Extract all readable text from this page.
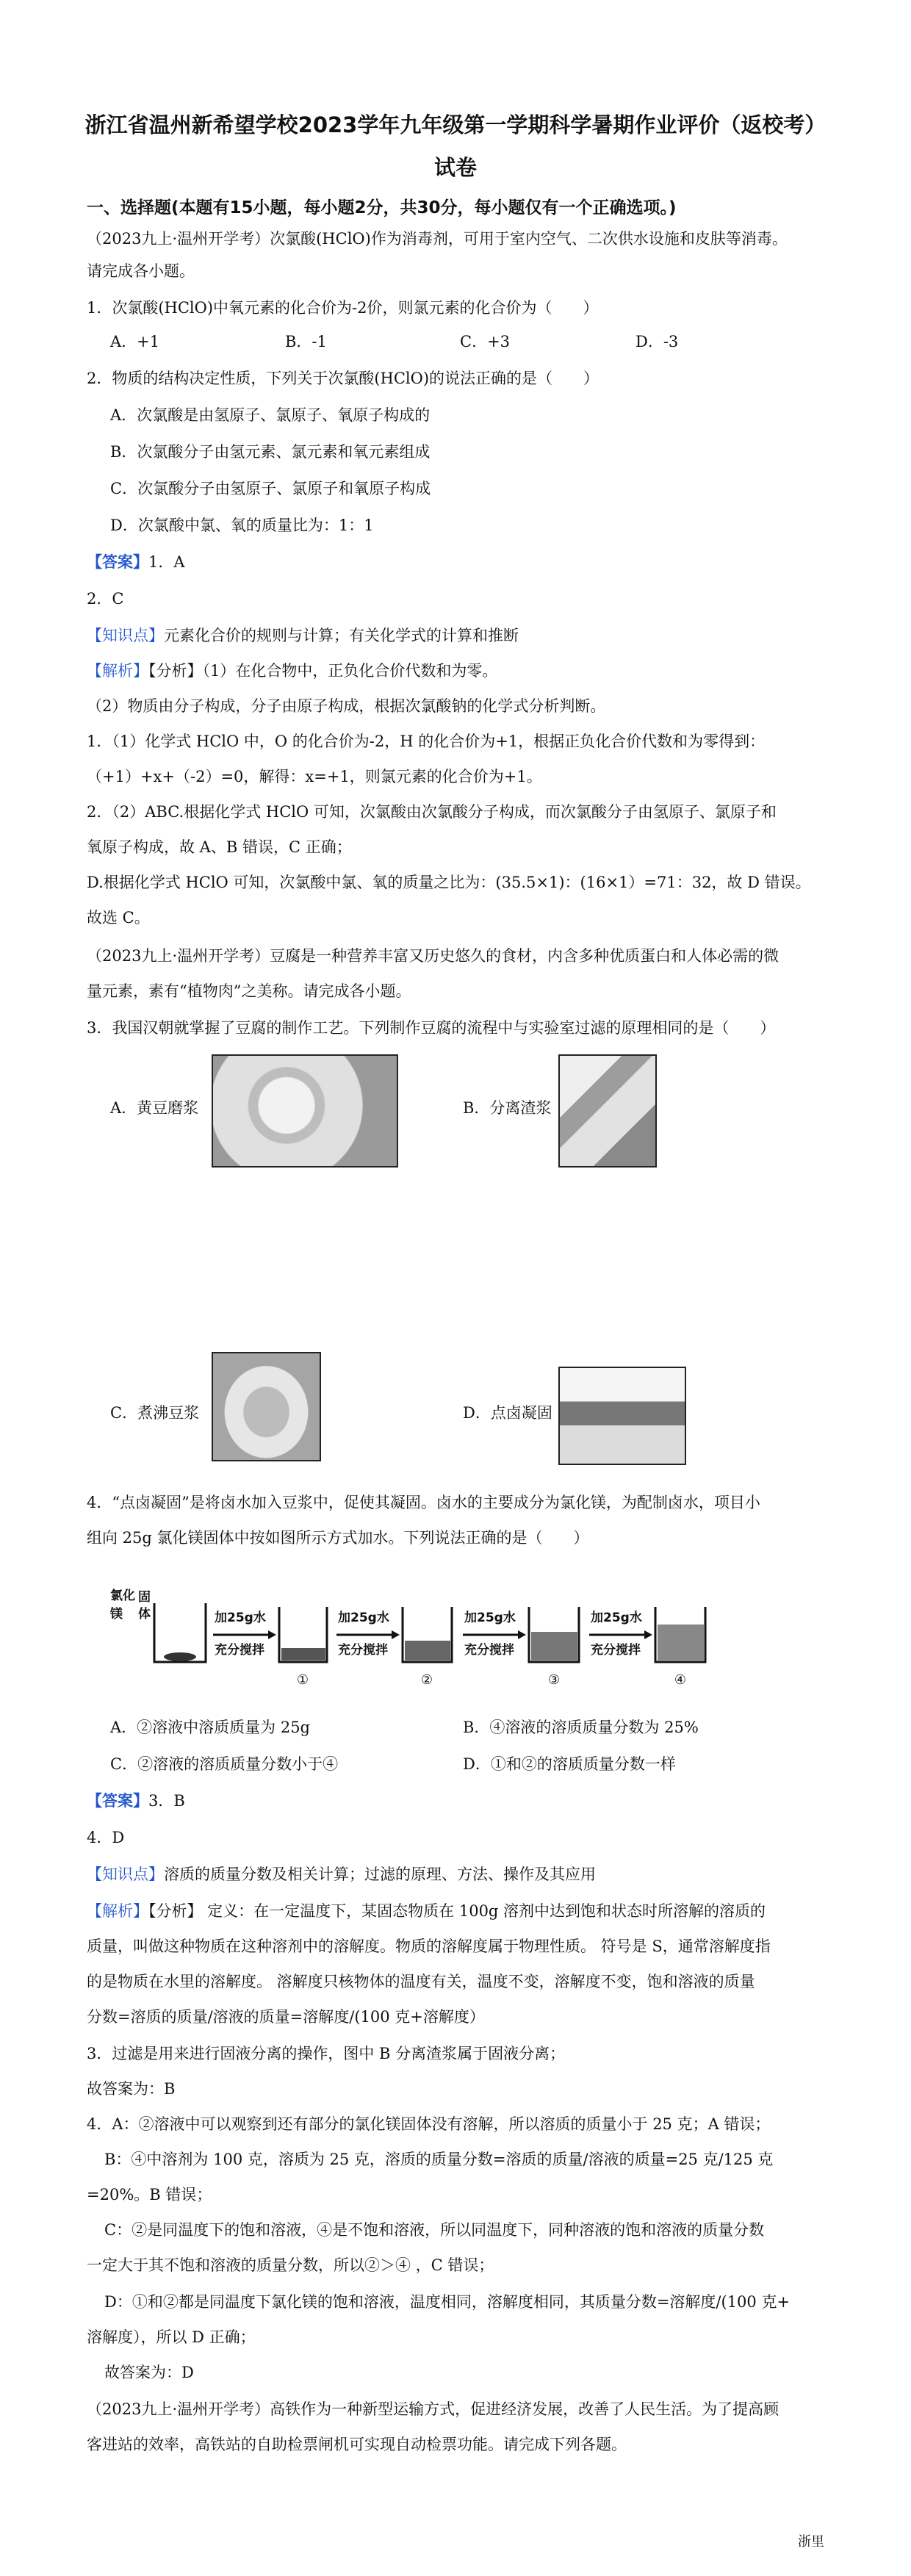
浙江省温州新希望学校2023学年九年级第一学期科学暑期作业评价（返校考）
试卷
一、选择题(本题有15小题，每小题2分，共30分，每小题仅有一个正确选项。)
（2023九上·温州开学考）次氯酸(HClO)作为消毒剂，可用于室内空气、二次供水设施和皮肤等消毒。
请完成各小题。
1．次氯酸(HClO)中氧元素的化合价为-2价，则氯元素的化合价为（　　）
A．+1	B．-1	C．+3	D．-3
2．物质的结构决定性质，下列关于次氯酸(HClO)的说法正确的是（　　）
A．次氯酸是由氢原子、氯原子、氧原子构成的
B．次氯酸分子由氢元素、氯元素和氧元素组成
C．次氯酸分子由氢原子、氯原子和氧原子构成
D．次氯酸中氯、氧的质量比为：1：1
【答案】1．A
2．C
【知识点】元素化合价的规则与计算；有关化学式的计算和推断
【解析】【分析】（1）在化合物中，正负化合价代数和为零。
（2）物质由分子构成，分子由原子构成，根据次氯酸钠的化学式分析判断。
1．（1）化学式 HClO 中，O 的化合价为-2，H 的化合价为+1，根据正负化合价代数和为零得到：
（+1）+x+（-2）=0，解得：x=+1，则氯元素的化合价为+1。
2．（2）ABC.根据化学式 HClO 可知，次氯酸由次氯酸分子构成，而次氯酸分子由氢原子、氯原子和
氧原子构成，故 A、B 错误，C 正确；
D.根据化学式 HClO 可知，次氯酸中氯、氧的质量之比为：(35.5×1)：(16×1）=71：32，故 D 错误。
故选 C。
（2023九上·温州开学考）豆腐是一种营养丰富又历史悠久的食材，内含多种优质蛋白和人体必需的微
量元素，素有“植物肉”之美称。请完成各小题。
3．我国汉朝就掌握了豆腐的制作工艺。下列制作豆腐的流程中与实验室过滤的原理相同的是（　　）
A．黄豆磨浆	B．分离渣浆
C．煮沸豆浆	D．点卤凝固
4．“点卤凝固”是将卤水加入豆浆中，促使其凝固。卤水的主要成分为氯化镁，为配制卤水，项目小
组向 25g 氯化镁固体中按如图所示方式加水。下列说法正确的是（　　）
氯化
镁
固
体	加25g水
充分搅拌
加25g水
充分搅拌
加25g水
充分搅拌
加25g水
充分搅拌
①	②	③	④
A．②溶液中溶质质量为 25g	B．④溶液的溶质质量分数为 25%
C．②溶液的溶质质量分数小于④	D．①和②的溶质质量分数一样
【答案】3．B
4．D
【知识点】溶质的质量分数及相关计算；过滤的原理、方法、操作及其应用
【解析】【分析】 定义：在一定温度下，某固态物质在 100g 溶剂中达到饱和状态时所溶解的溶质的
质量，叫做这种物质在这种溶剂中的溶解度。物质的溶解度属于物理性质。 符号是 S，通常溶解度指
的是物质在水里的溶解度。 溶解度只核物体的温度有关，温度不变，溶解度不变，饱和溶液的质量
分数=溶质的质量/溶液的质量=溶解度/(100 克+溶解度）
3．过滤是用来进行固液分离的操作，图中 B 分离渣浆属于固液分离；
故答案为：B
4．A：②溶液中可以观察到还有部分的氯化镁固体没有溶解，所以溶质的质量小于 25 克；A 错误；
B：④中溶剂为 100 克，溶质为 25 克，溶质的质量分数=溶质的质量/溶液的质量=25 克/125 克
=20%。B 错误；
C：②是同温度下的饱和溶液，④是不饱和溶液，所以同温度下，同种溶液的饱和溶液的质量分数
一定大于其不饱和溶液的质量分数，所以②＞④ ，C 错误；
D：①和②都是同温度下氯化镁的饱和溶液，温度相同，溶解度相同，其质量分数=溶解度/(100 克+
溶解度），所以 D 正确；
故答案为：D
（2023九上·温州开学考）高铁作为一种新型运输方式，促进经济发展，改善了人民生活。为了提高顾
客进站的效率，高铁站的自助检票闸机可实现自动检票功能。请完成下列各题。
浙里
